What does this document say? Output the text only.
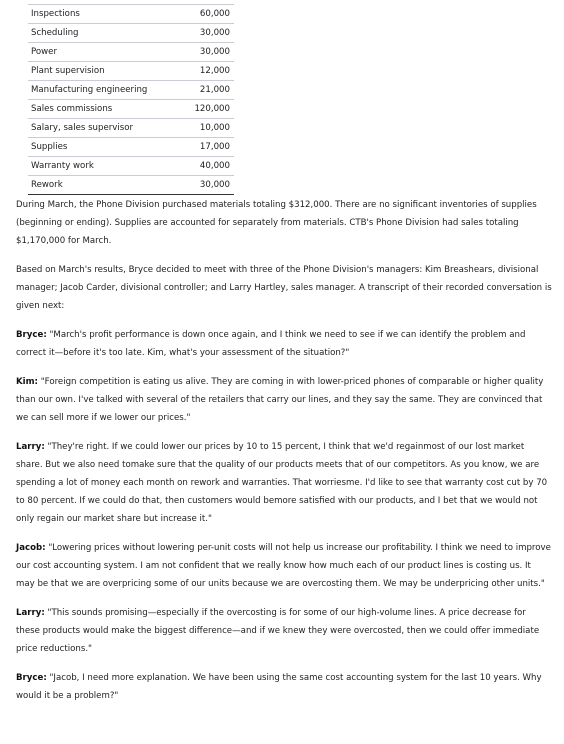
Inspections	60,000
Scheduling	30,000
Power	30,000
Plant supervision	12,000
Manufacturing engineering	21,000
Sales commissions	120,000
Salary, sales supervisor	10,000
Supplies	17,000
Warranty work	40,000
Rework	30,000

During March, the Phone Division purchased materials totaling $312,000. There are no significant inventories of supplies (beginning or ending). Supplies are accounted for separately from materials. CTB's Phone Division had sales totaling $1,170,000 for March.

Based on March's results, Bryce decided to meet with three of the Phone Division's managers: Kim Breashears, divisional manager; Jacob Carder, divisional controller; and Larry Hartley, sales manager. A transcript of their recorded conversation is given next:

Bryce: "March's profit performance is down once again, and I think we need to see if we can identify the problem and correct it—before it's too late. Kim, what's your assessment of the situation?"

Kim: "Foreign competition is eating us alive. They are coming in with lower-priced phones of comparable or higher quality than our own. I've talked with several of the retailers that carry our lines, and they say the same. They are convinced that we can sell more if we lower our prices."

Larry: "They're right. If we could lower our prices by 10 to 15 percent, I think that we'd regainmost of our lost market share. But we also need tomake sure that the quality of our products meets that of our competitors. As you know, we are spending a lot of money each month on rework and warranties. That worriesme. I'd like to see that warranty cost cut by 70 to 80 percent. If we could do that, then customers would bemore satisfied with our products, and I bet that we would not only regain our market share but increase it."

Jacob: "Lowering prices without lowering per-unit costs will not help us increase our profitability. I think we need to improve our cost accounting system. I am not confident that we really know how much each of our product lines is costing us. It may be that we are overpricing some of our units because we are overcosting them. We may be underpricing other units."

Larry: "This sounds promising—especially if the overcosting is for some of our high-volume lines. A price decrease for these products would make the biggest difference—and if we knew they were overcosted, then we could offer immediate price reductions."

Bryce: "Jacob, I need more explanation. We have been using the same cost accounting system for the last 10 years. Why would it be a problem?"
